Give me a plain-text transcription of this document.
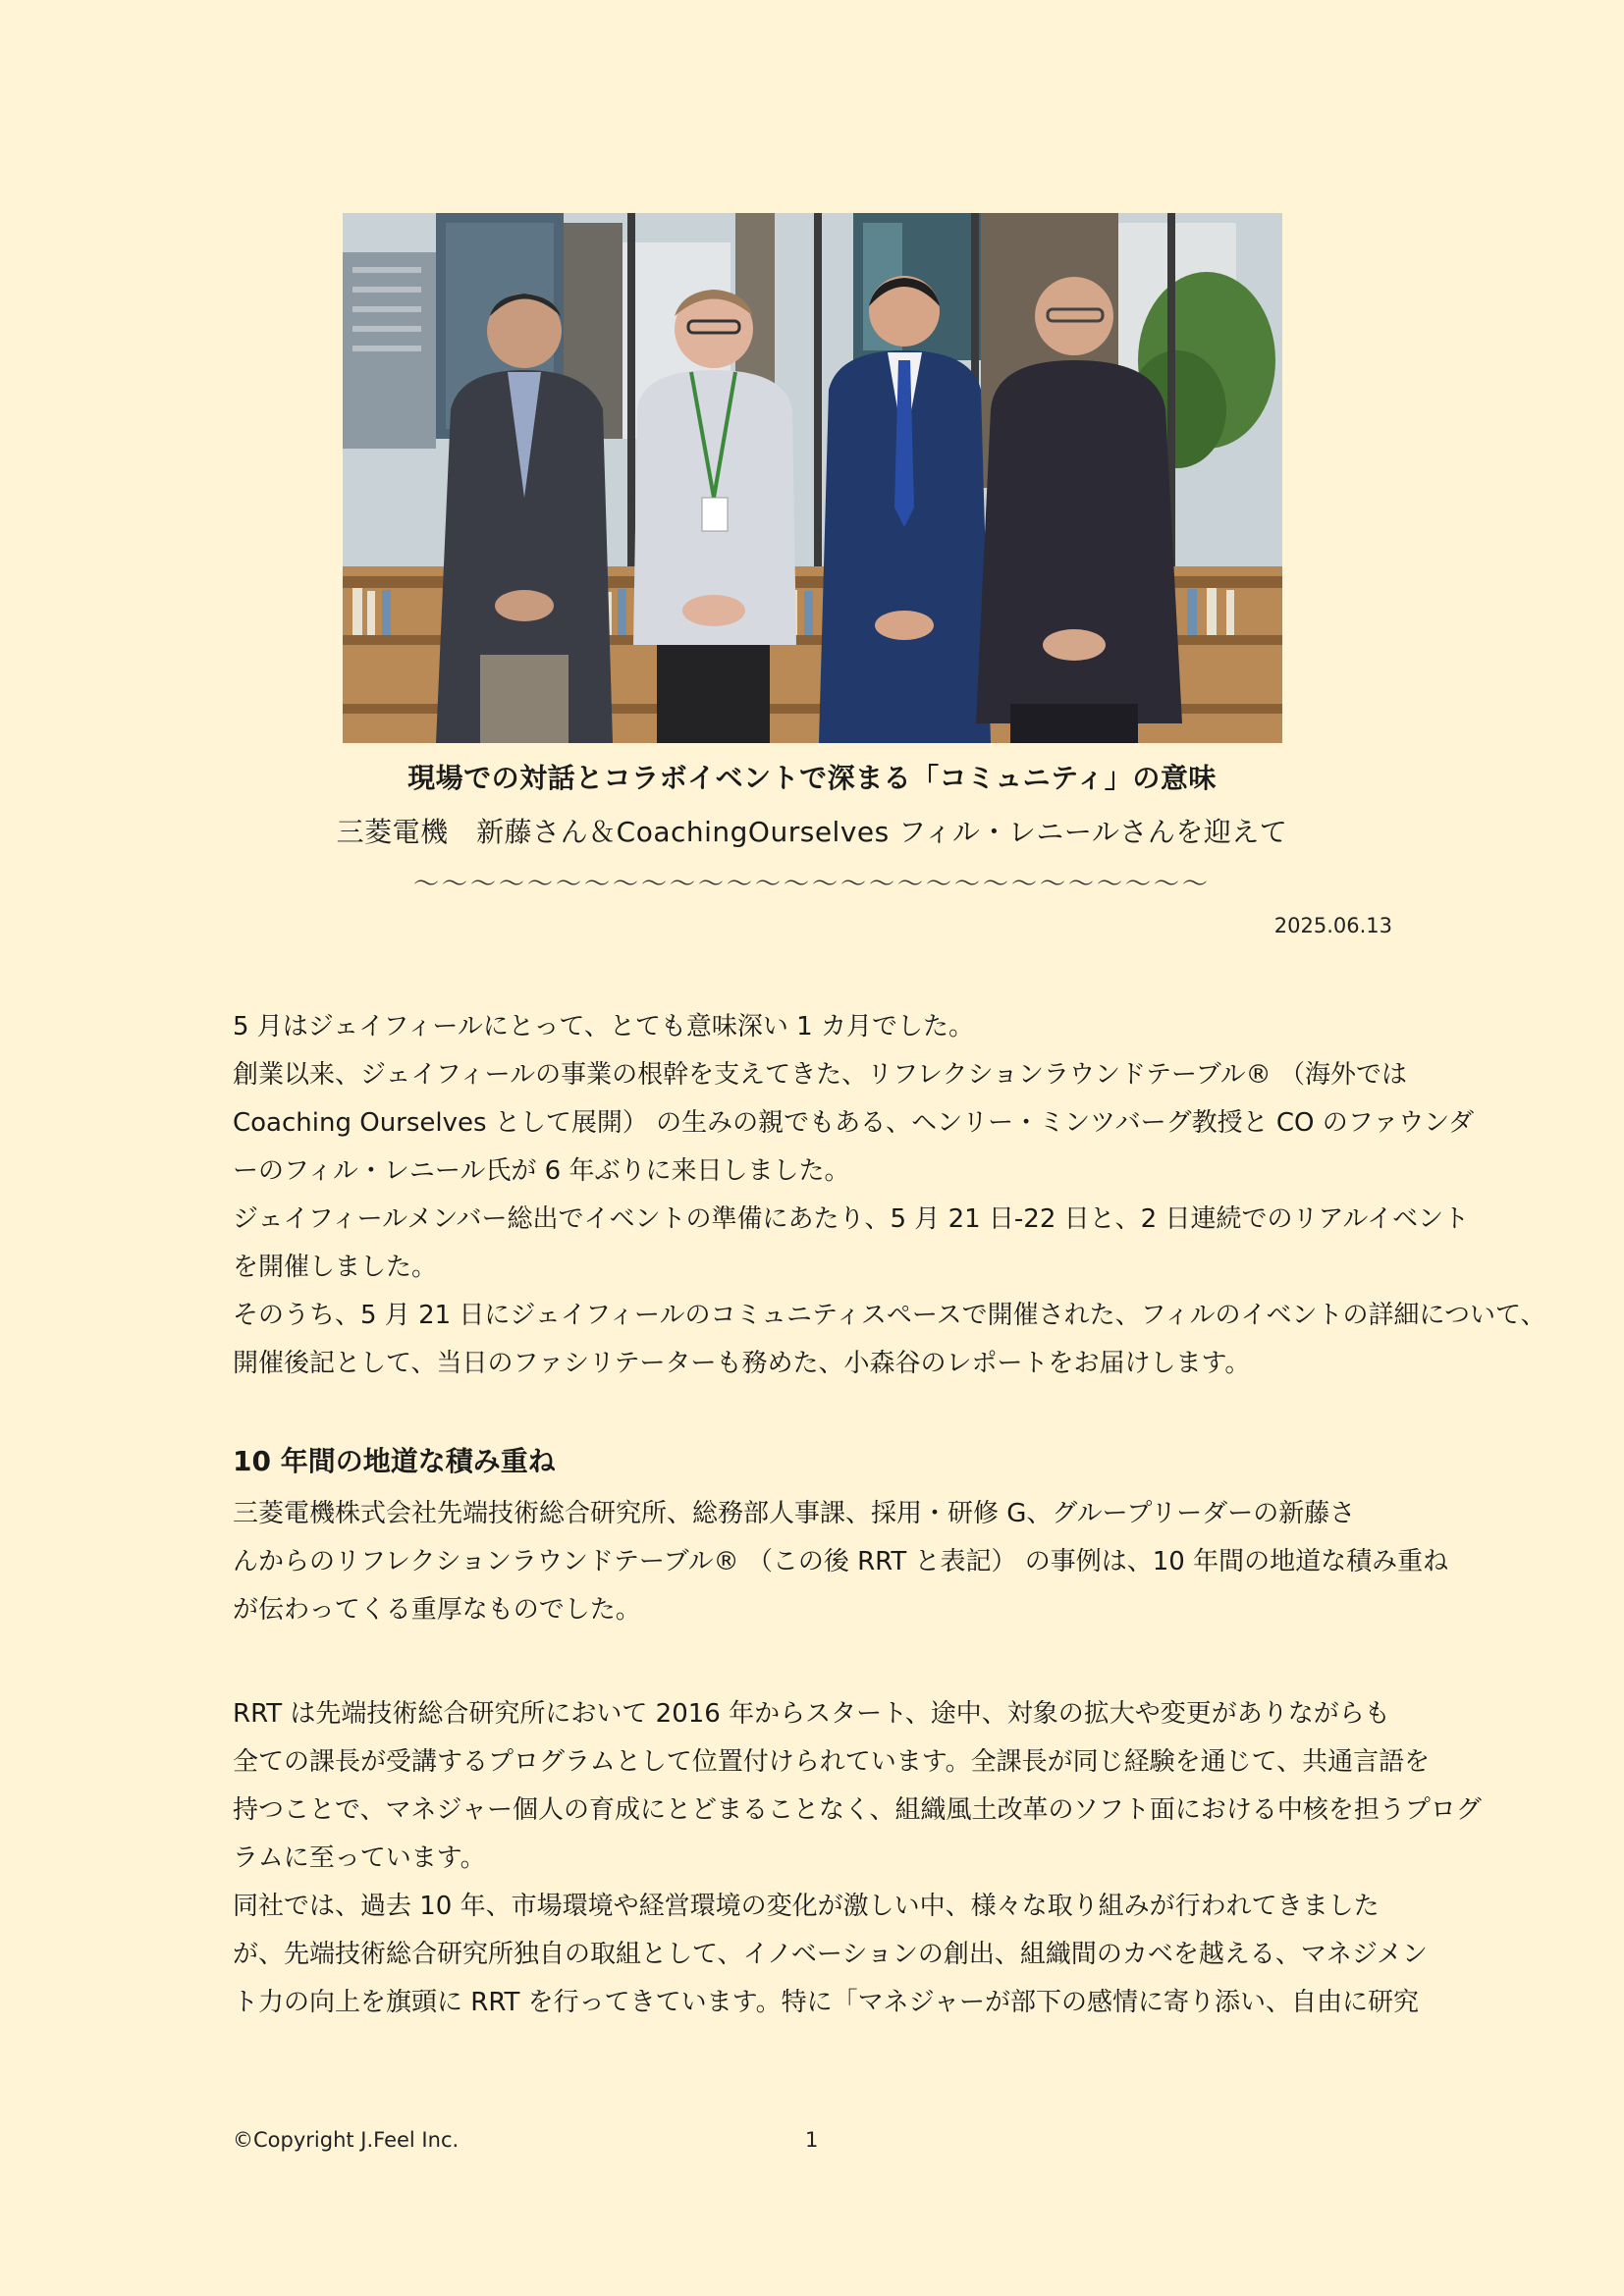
現場での対話とコラボイベントで深まる「コミュニティ」の意味
三菱電機　新藤さん＆CoachingOurselves フィル・レニールさんを迎えて
～～～～～～～～～～～～～～～～～～～～～～～～～～～～
2025.06.13

5 月はジェイフィールにとって、とても意味深い 1 カ月でした。

創業以来、ジェイフィールの事業の根幹を支えてきた、リフレクションラウンドテーブル® （海外では

Coaching Ourselves として展開） の生みの親でもある、ヘンリー・ミンツバーグ教授と CO のファウンダ

ーのフィル・レニール氏が 6 年ぶりに来日しました。

ジェイフィールメンバー総出でイベントの準備にあたり、5 月 21 日-22 日と、2 日連続でのリアルイベント

を開催しました。

そのうち、5 月 21 日にジェイフィールのコミュニティスペースで開催された、フィルのイベントの詳細について、

開催後記として、当日のファシリテーターも務めた、小森谷のレポートをお届けします。

10 年間の地道な積み重ね

三菱電機株式会社先端技術総合研究所、総務部人事課、採用・研修 G、グループリーダーの新藤さ

んからのリフレクションラウンドテーブル® （この後 RRT と表記） の事例は、10 年間の地道な積み重ね

が伝わってくる重厚なものでした。

RRT は先端技術総合研究所において 2016 年からスタート、途中、対象の拡大や変更がありながらも

全ての課長が受講するプログラムとして位置付けられています。全課長が同じ経験を通じて、共通言語を

持つことで、マネジャー個人の育成にとどまることなく、組織風土改革のソフト面における中核を担うプログ

ラムに至っています。

同社では、過去 10 年、市場環境や経営環境の変化が激しい中、様々な取り組みが行われてきました

が、先端技術総合研究所独自の取組として、イノベーションの創出、組織間のカベを越える、マネジメン

ト力の向上を旗頭に RRT を行ってきています。特に「マネジャーが部下の感情に寄り添い、自由に研究

©Copyright J.Feel Inc.	1
